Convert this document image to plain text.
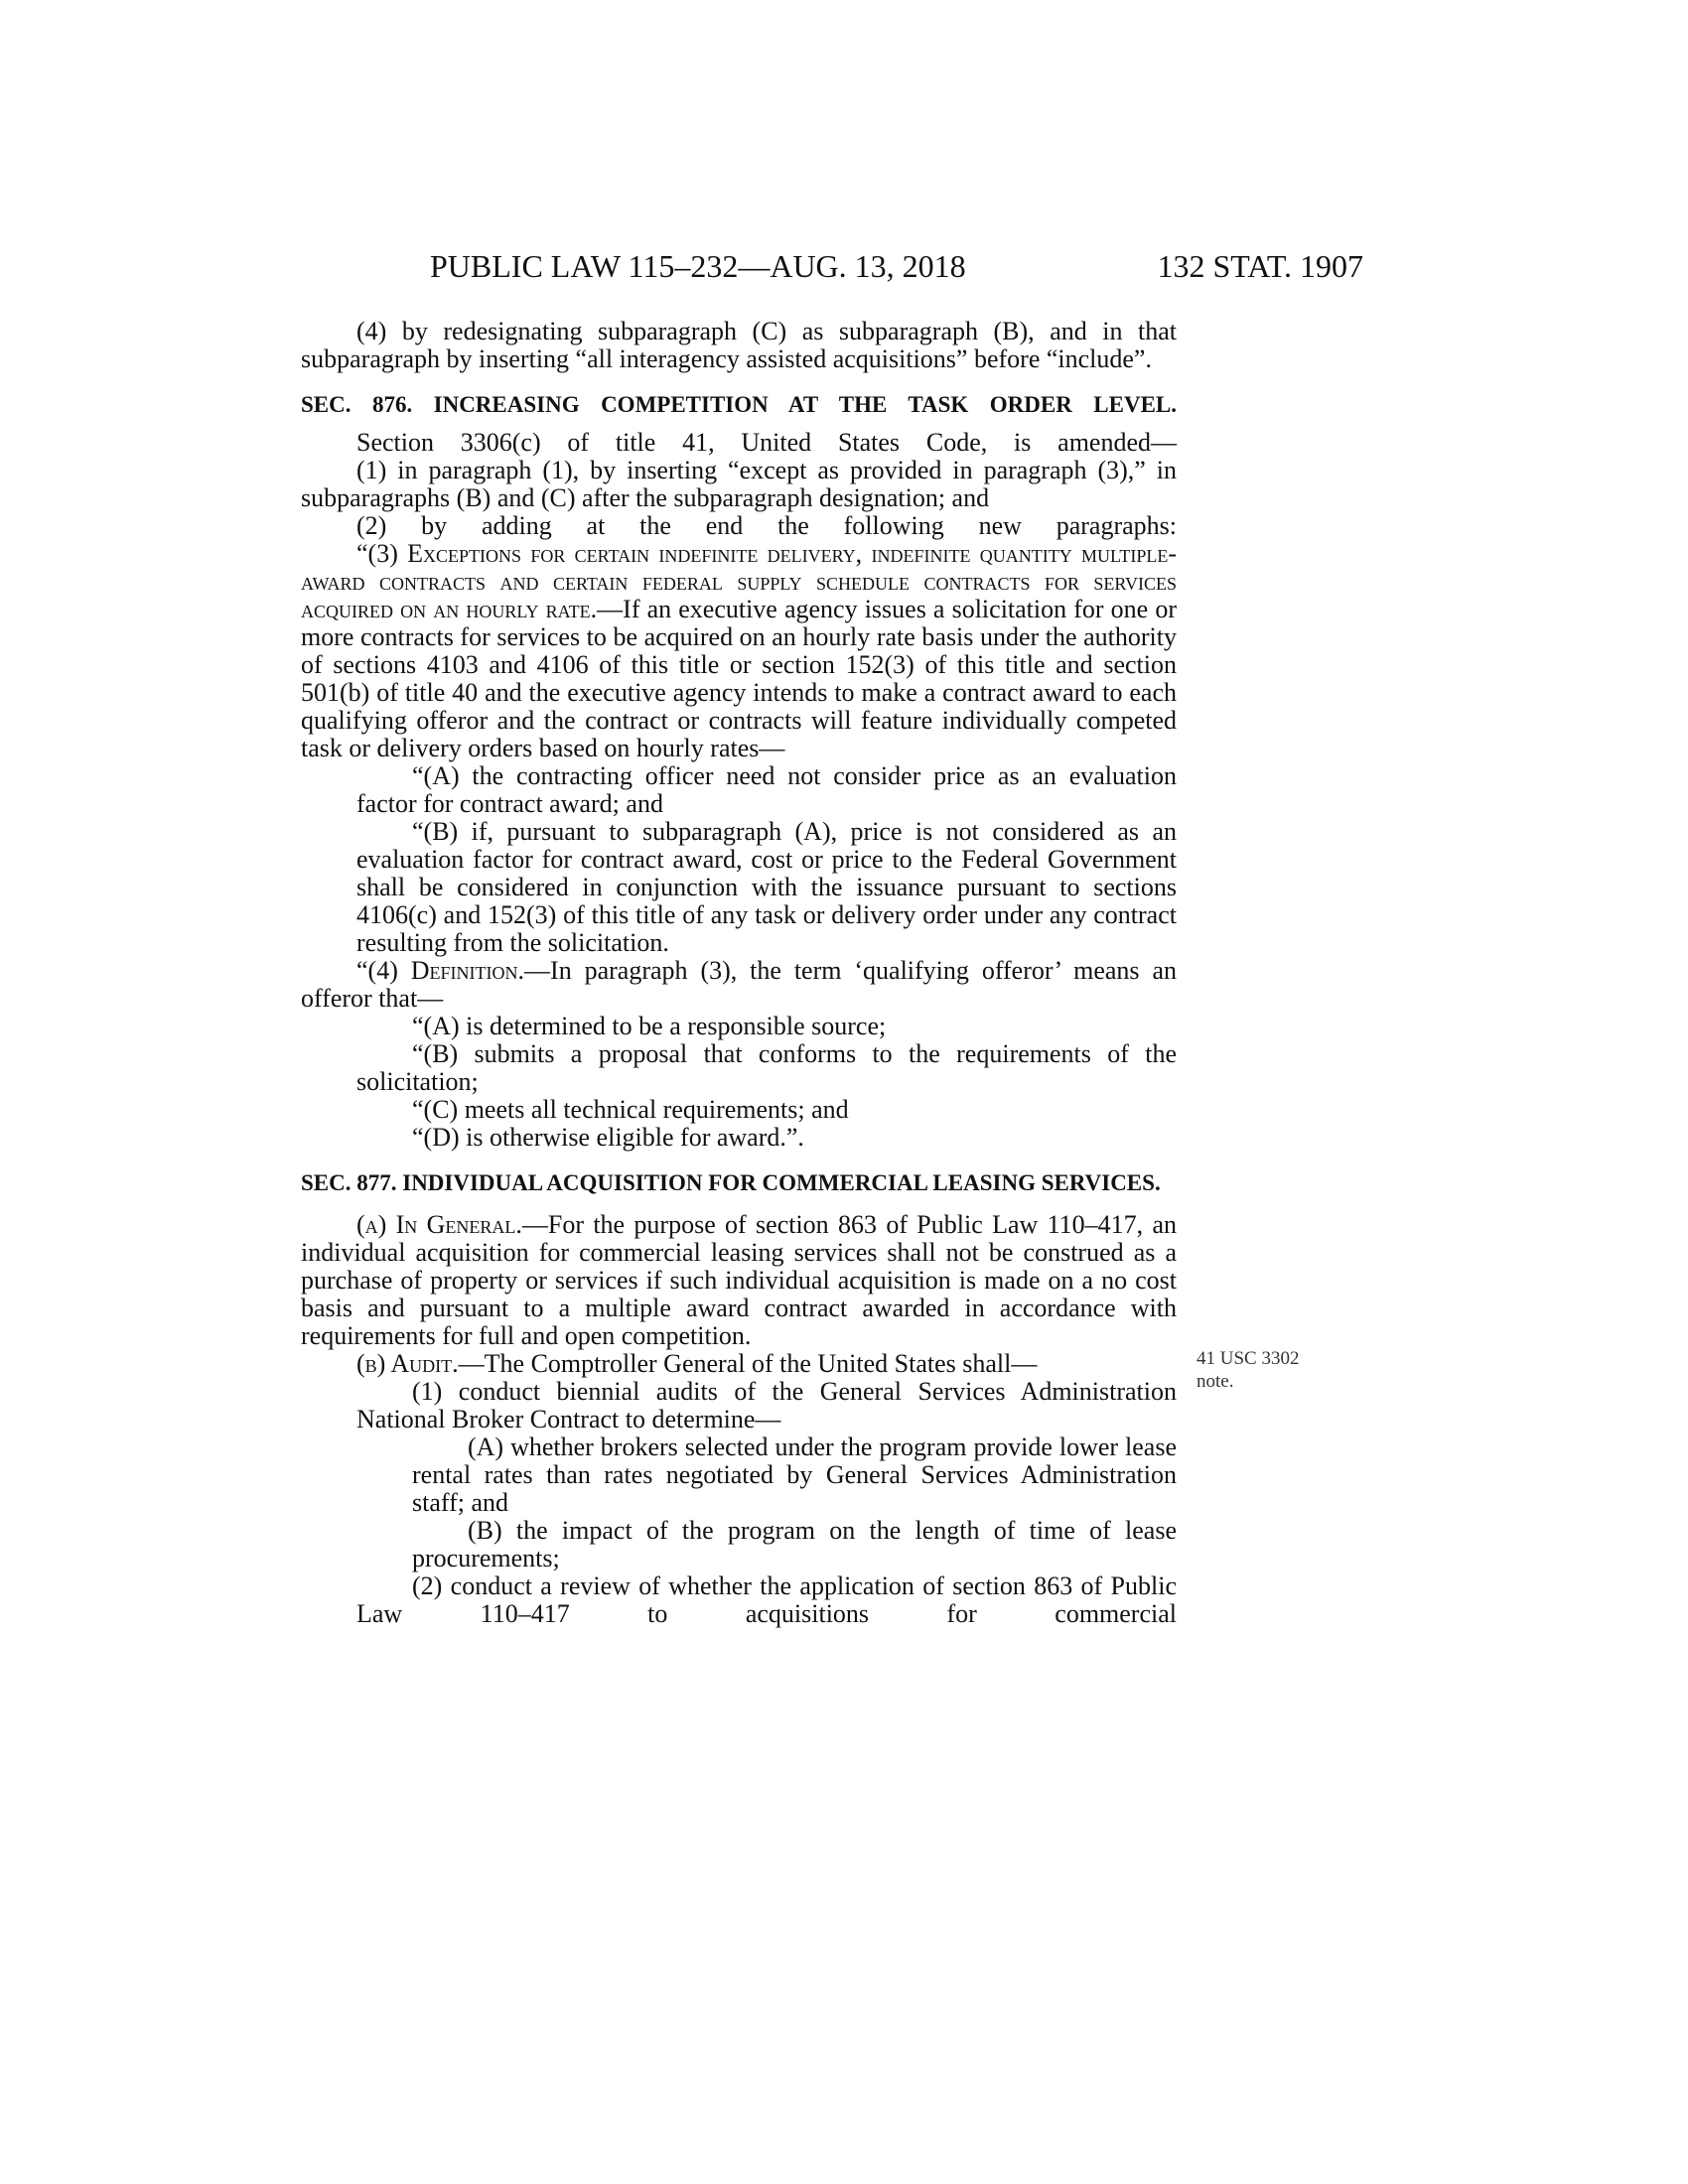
PUBLIC LAW 115–232—AUG. 13, 2018	132 STAT. 1907
41 USC 3302 note.

(4) by redesignating subparagraph (C) as subparagraph (B), and in that subparagraph by inserting “all interagency assisted acquisitions” before “include”.

SEC. 876. INCREASING COMPETITION AT THE TASK ORDER LEVEL.

Section 3306(c) of title 41, United States Code, is amended—

(1) in paragraph (1), by inserting “except as provided in paragraph (3),” in subparagraphs (B) and (C) after the subparagraph designation; and

(2) by adding at the end the following new paragraphs:

“(3) Exceptions for certain indefinite delivery, indefinite quantity multiple-award contracts and certain federal supply schedule contracts for services acquired on an hourly rate.—If an executive agency issues a solicitation for one or more contracts for services to be acquired on an hourly rate basis under the authority of sections 4103 and 4106 of this title or section 152(3) of this title and section 501(b) of title 40 and the executive agency intends to make a contract award to each qualifying offeror and the contract or contracts will feature individually competed task or delivery orders based on hourly rates—

“(A) the contracting officer need not consider price as an evaluation factor for contract award; and

“(B) if, pursuant to subparagraph (A), price is not considered as an evaluation factor for contract award, cost or price to the Federal Government shall be considered in conjunction with the issuance pursuant to sections 4106(c) and 152(3) of this title of any task or delivery order under any contract resulting from the solicitation.

“(4) Definition.—In paragraph (3), the term ‘qualifying offeror’ means an offeror that—

“(A) is determined to be a responsible source;

“(B) submits a proposal that conforms to the requirements of the solicitation;

“(C) meets all technical requirements; and

“(D) is otherwise eligible for award.”.

SEC. 877. INDIVIDUAL ACQUISITION FOR COMMERCIAL LEASING SERVICES.

(a) In General.—For the purpose of section 863 of Public Law 110–417, an individual acquisition for commercial leasing services shall not be construed as a purchase of property or services if such individual acquisition is made on a no cost basis and pursuant to a multiple award contract awarded in accordance with requirements for full and open competition.

(b) Audit.—The Comptroller General of the United States shall—

(1) conduct biennial audits of the General Services Administration National Broker Contract to determine—

(A) whether brokers selected under the program provide lower lease rental rates than rates negotiated by General Services Administration staff; and

(B) the impact of the program on the length of time of lease procurements;

(2) conduct a review of whether the application of section 863 of Public Law 110–417 to acquisitions for commercial
